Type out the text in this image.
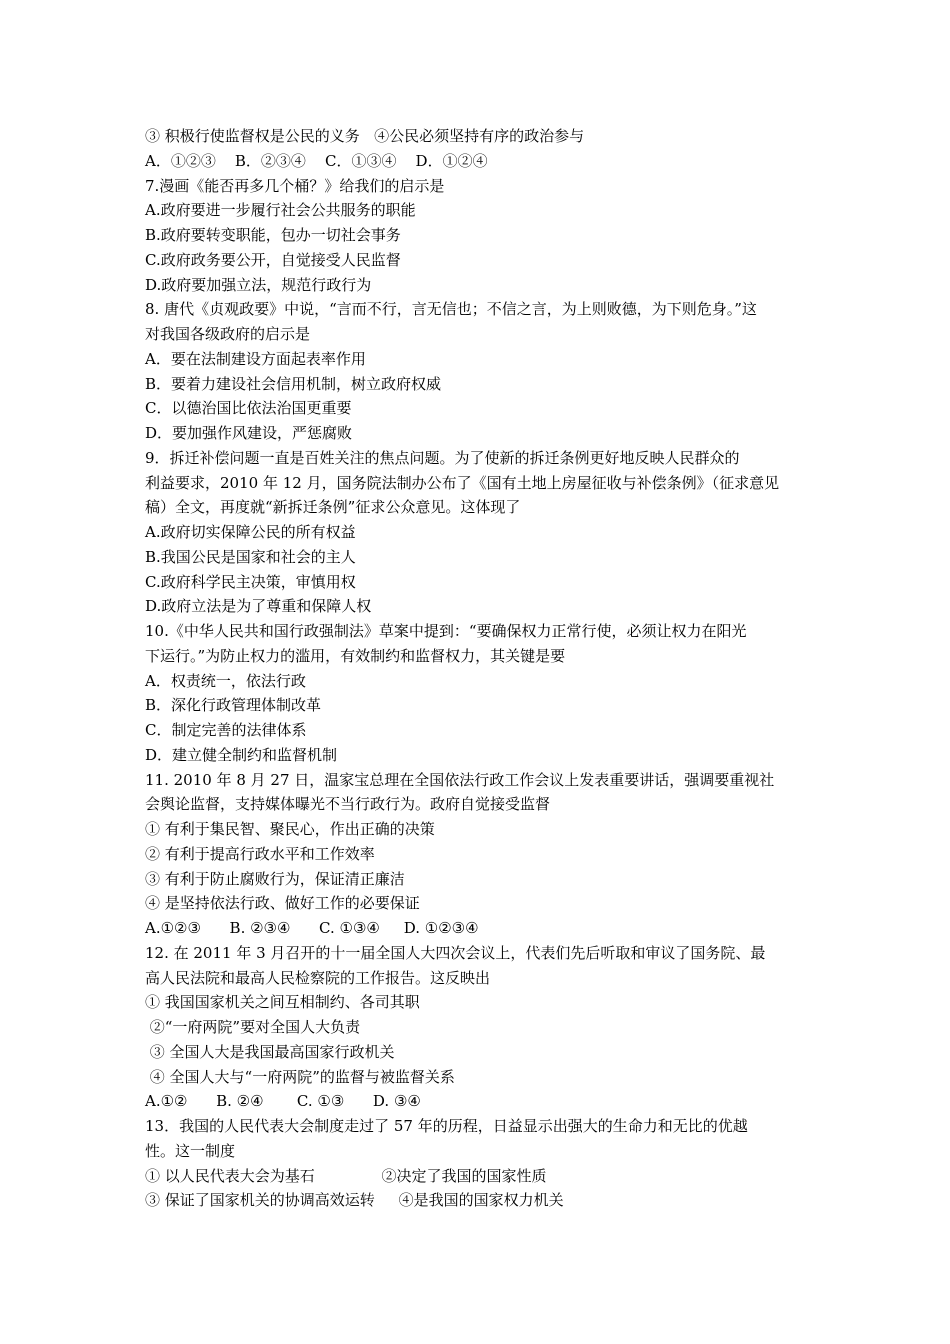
③ 积极行使监督权是公民的义务   ④公民必须坚持有序的政治参与
A．①②③    B．②③④    C．①③④    D．①②④
7.漫画《能否再多几个桶？》给我们的启示是
A.政府要进一步履行社会公共服务的职能
B.政府要转变职能，包办一切社会事务
C.政府政务要公开，自觉接受人民监督
D.政府要加强立法，规范行政行为
8. 唐代《贞观政要》中说，“言而不行，言无信也；不信之言，为上则败德，为下则危身。”这
对我国各级政府的启示是
A．要在法制建设方面起表率作用
B．要着力建设社会信用机制，树立政府权威
C．以德治国比依法治国更重要
D．要加强作风建设，严惩腐败
9．拆迁补偿问题一直是百姓关注的焦点问题。为了使新的拆迁条例更好地反映人民群众的
利益要求，2010 年 12 月，国务院法制办公布了《国有土地上房屋征收与补偿条例》（征求意见
稿）全文，再度就“新拆迁条例”征求公众意见。这体现了
A.政府切实保障公民的所有权益
B.我国公民是国家和社会的主人
C.政府科学民主决策，审慎用权
D.政府立法是为了尊重和保障人权
10.《中华人民共和国行政强制法》草案中提到：“要确保权力正常行使，必须让权力在阳光
下运行。”为防止权力的滥用，有效制约和监督权力，其关键是要
A．权责统一，依法行政
B．深化行政管理体制改革
C．制定完善的法律体系
D．建立健全制约和监督机制
11. 2010 年 8 月 27 日，温家宝总理在全国依法行政工作会议上发表重要讲话，强调要重视社
会舆论监督，支持媒体曝光不当行政行为。政府自觉接受监督
① 有利于集民智、聚民心，作出正确的决策
② 有利于提高行政水平和工作效率
③ 有利于防止腐败行为，保证清正廉洁
④ 是坚持依法行政、做好工作的必要保证
A.①②③      B. ②③④      C. ①③④     D. ①②③④
12. 在 2011 年 3 月召开的十一届全国人大四次会议上，代表们先后听取和审议了国务院、最
高人民法院和最高人民检察院的工作报告。这反映出
① 我国国家机关之间互相制约、各司其职
②“一府两院”要对全国人大负责
③ 全国人大是我国最高国家行政机关
④ 全国人大与“一府两院”的监督与被监督关系
A.①②      B. ②④       C. ①③      D. ③④
13．我国的人民代表大会制度走过了 57 年的历程，日益显示出强大的生命力和无比的优越
性。这一制度
① 以人民代表大会为基石              ②决定了我国的国家性质
③ 保证了国家机关的协调高效运转     ④是我国的国家权力机关
